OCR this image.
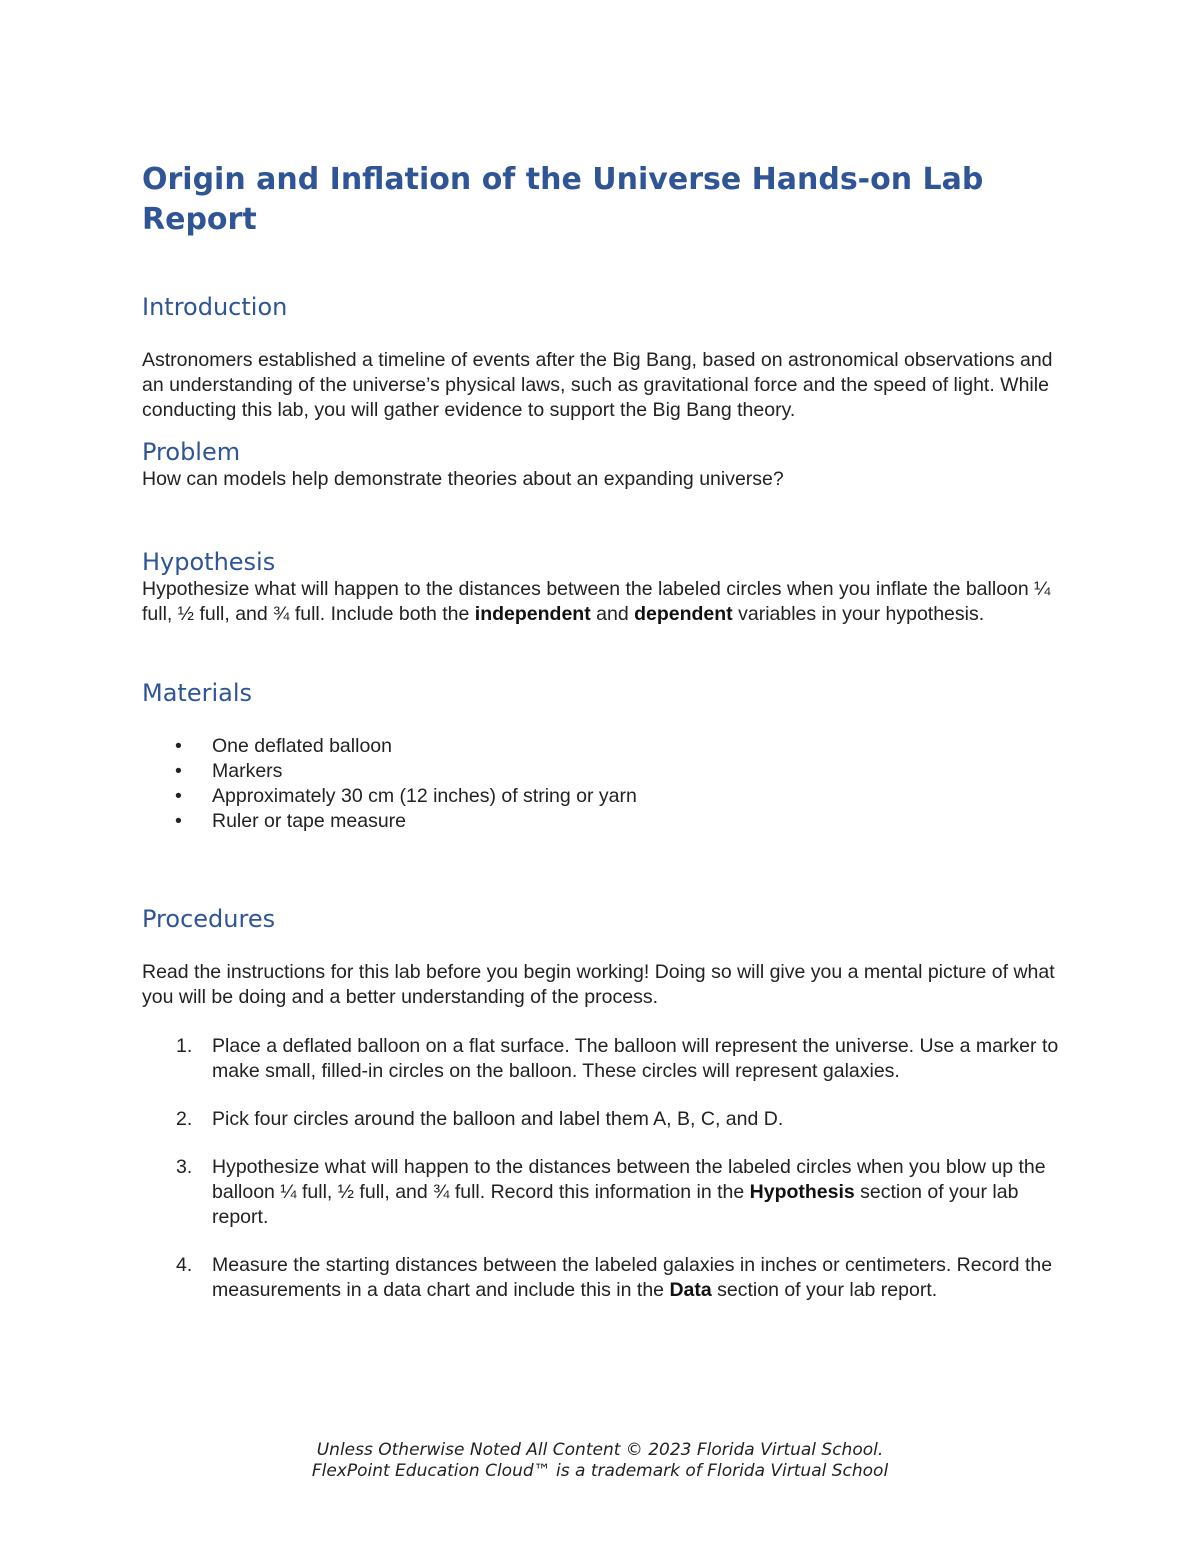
Origin and Inflation of the Universe Hands-on Lab Report
Introduction

Astronomers established a timeline of events after the Big Bang, based on astronomical observations and an understanding of the universe’s physical laws, such as gravitational force and the speed of light. While conducting this lab, you will gather evidence to support the Big Bang theory.

Problem

How can models help demonstrate theories about an expanding universe?

Hypothesis

Hypothesize what will happen to the distances between the labeled circles when you inflate the balloon ¼ full, ½ full, and ¾ full. Include both the independent and dependent variables in your hypothesis.

Materials
• One deflated balloon
• Markers
• Approximately 30 cm (12 inches) of string or yarn
• Ruler or tape measure
Procedures

Read the instructions for this lab before you begin working! Doing so will give you a mental picture of what you will be doing and a better understanding of the process.

1. Place a deflated balloon on a flat surface. The balloon will represent the universe. Use a marker to make small, filled-in circles on the balloon. These circles will represent galaxies.
2. Pick four circles around the balloon and label them A, B, C, and D.
3. Hypothesize what will happen to the distances between the labeled circles when you blow up the balloon ¼ full, ½ full, and ¾ full. Record this information in the Hypothesis section of your lab report.
4. Measure the starting distances between the labeled galaxies in inches or centimeters. Record the measurements in a data chart and include this in the Data section of your lab report.
Unless Otherwise Noted All Content © 2023 Florida Virtual School.
FlexPoint Education Cloud™ is a trademark of Florida Virtual School
